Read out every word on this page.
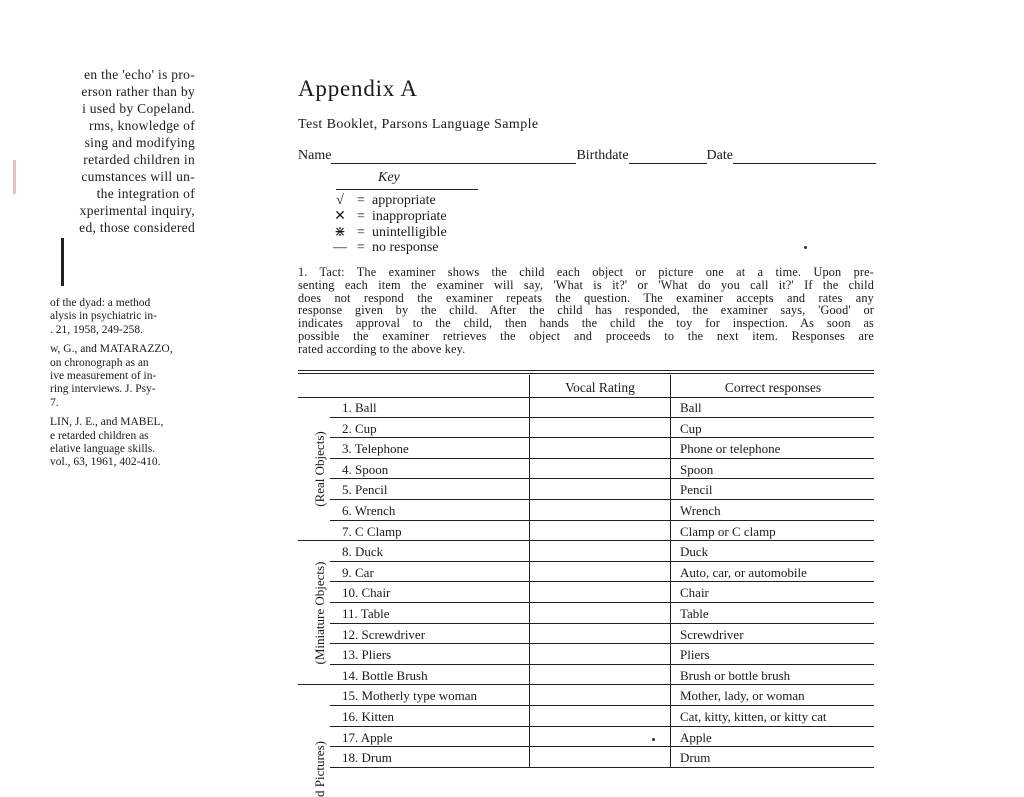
en the 'echo' is pro-
erson rather than by
i used by Copeland.
rms, knowledge of
sing and modifying
retarded children in
cumstances will un-
the integration of
xperimental inquiry,
ed, those considered
of the dyad: a method
alysis in psychiatric in-
. 21, 1958, 249-258.
w, G., and MATARAZZO,
on chronograph as an
ive measurement of in-
ring interviews. J. Psy-
7.
LIN, J. E., and MABEL,
e retarded children as
elative language skills.
vol., 63, 1961, 402-410.
Appendix A
Test Booklet, Parsons Language Sample
Name	Birthdate	Date
Key
√ = appropriate
✕ = inappropriate
⋇ = unintelligible
— = no response
1. Tact: The examiner shows the child each object or picture one at a time. Upon pre-
senting each item the examiner will say, 'What is it?' or 'What do you call it?' If the child
does not respond the examiner repeats the question. The examiner accepts and rates any
response given by the child. After the child has responded, the examiner says, 'Good' or
indicates approval to the child, then hands the child the toy for inspection. As soon as
possible the examiner retrieves the object and proceeds to the next item. Responses are
rated according to the above key.
Vocal Rating	Correct responses
1. Ball	Ball
2. Cup	Cup
3. Telephone	Phone or telephone
4. Spoon	Spoon
5. Pencil	Pencil
6. Wrench	Wrench
7. C Clamp	Clamp or C clamp
(Real Objects)
8. Duck	Duck
9. Car	Auto, car, or automobile
10. Chair	Chair
11. Table	Table
12. Screwdriver	Screwdriver
13. Pliers	Pliers
14. Bottle Brush	Brush or bottle brush
(Miniature Objects)
15. Motherly type woman	Mother, lady, or woman
16. Kitten	Cat, kitty, kitten, or kitty cat
17. Apple	Apple
18. Drum	Drum
d Pictures)
